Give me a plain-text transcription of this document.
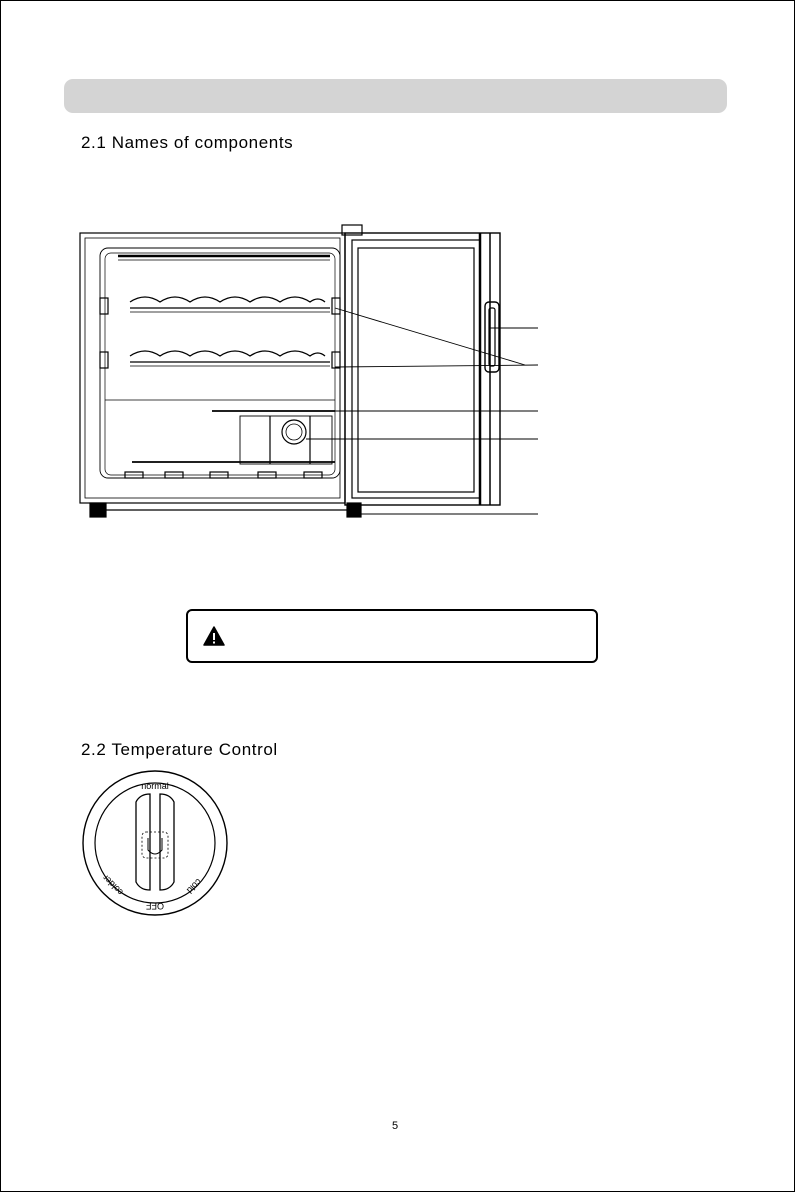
2.1 Names of components
2.2 Temperature Control
normal
cold
OFF
colder
5
